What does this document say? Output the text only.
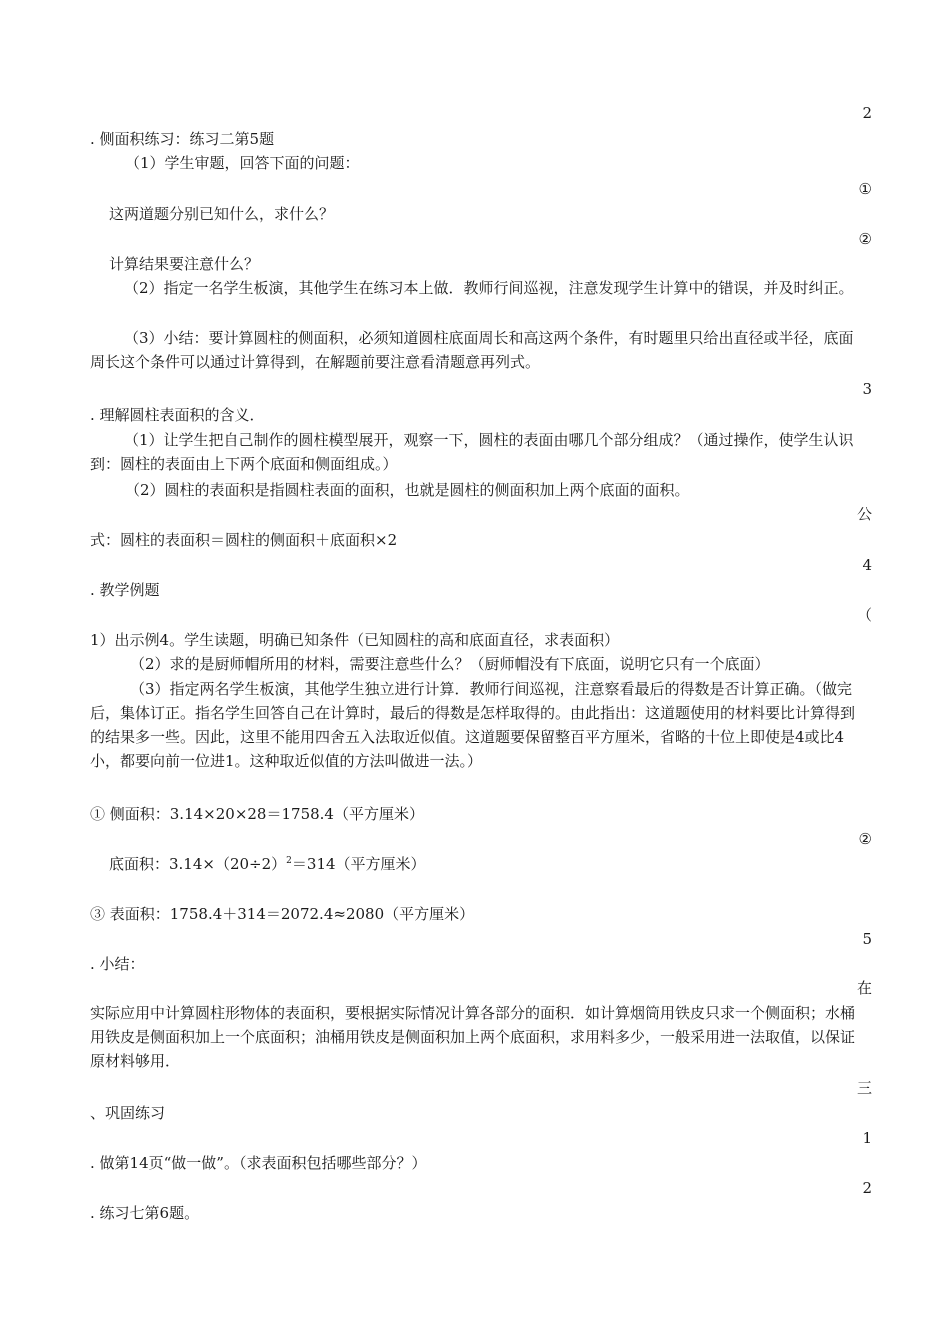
2
. 侧面积练习：练习二第5题
（1）学生审题，回答下面的问题：
①
这两道题分别已知什么，求什么？
②
计算结果要注意什么？
（2）指定一名学生板演，其他学生在练习本上做．教师行间巡视，注意发现学生计算中的错误，并及时纠正。
（3）小结：要计算圆柱的侧面积，必须知道圆柱底面周长和高这两个条件，有时题里只给出直径或半径，底面周长这个条件可以通过计算得到，在解题前要注意看清题意再列式。
3
. 理解圆柱表面积的含义．
（1）让学生把自己制作的圆柱模型展开，观察一下，圆柱的表面由哪几个部分组成？（通过操作，使学生认识到：圆柱的表面由上下两个底面和侧面组成。）
（2）圆柱的表面积是指圆柱表面的面积，也就是圆柱的侧面积加上两个底面的面积。
公
式：圆柱的表面积＝圆柱的侧面积＋底面积×2
4
. 教学例题
（
1）出示例4。学生读题，明确已知条件（已知圆柱的高和底面直径，求表面积）
（2）求的是厨师帽所用的材料，需要注意些什么？（厨师帽没有下底面，说明它只有一个底面）
（3）指定两名学生板演，其他学生独立进行计算．教师行间巡视，注意察看最后的得数是否计算正确。（做完后，集体订正。指名学生回答自己在计算时，最后的得数是怎样取得的。由此指出：这道题使用的材料要比计算得到的结果多一些。因此，这里不能用四舍五入法取近似值。这道题要保留整百平方厘米，省略的十位上即使是4或比4小，都要向前一位进1。这种取近似值的方法叫做进一法。）
① 侧面积：3.14×20×28＝1758.4（平方厘米）
②
底面积：$3.14\times(20\div 2)^2=314$（平方厘米）
③ 表面积：1758.4＋314＝2072.4≈2080（平方厘米）
5
. 小结：
在
实际应用中计算圆柱形物体的表面积，要根据实际情况计算各部分的面积．如计算烟筒用铁皮只求一个侧面积；水桶用铁皮是侧面积加上一个底面积；油桶用铁皮是侧面积加上两个底面积，求用料多少，一般采用进一法取值，以保证原材料够用．
三
、巩固练习
1
. 做第14页“做一做”。（求表面积包括哪些部分？）
2
. 练习七第6题。
